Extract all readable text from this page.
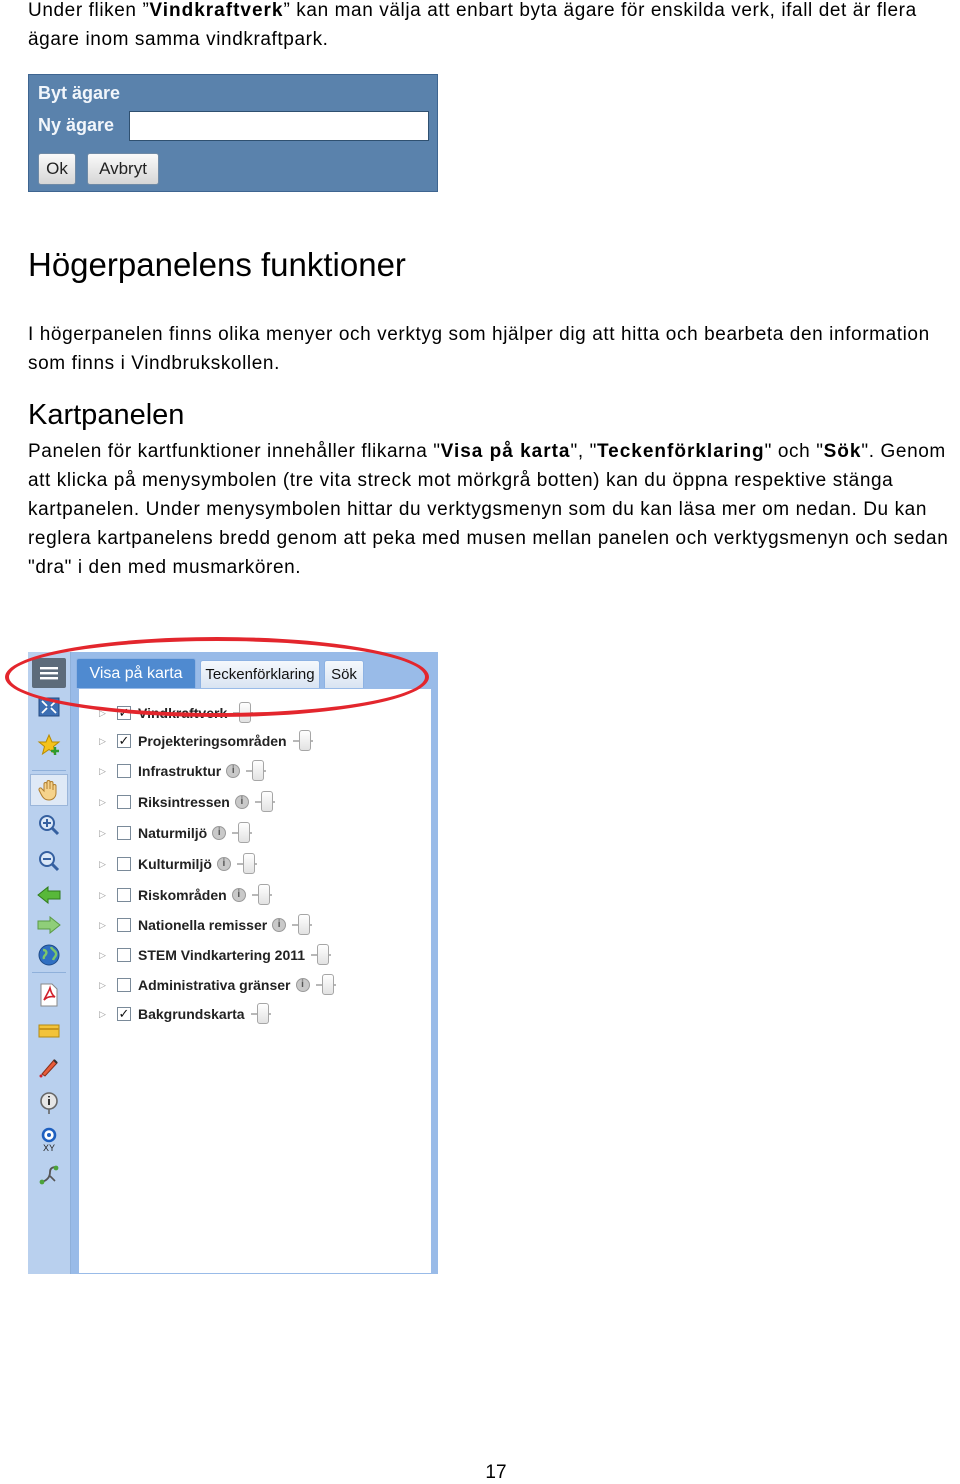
Under fliken ”Vindkraftverk” kan man välja att enbart byta ägare för enskilda verk, ifall det är flera ägare inom samma vindkraftpark.

Byt ägare
Ny ägare
Ok	Avbryt
Högerpanelens funktioner

I högerpanelen finns olika menyer och verktyg som hjälper dig att hitta och bearbeta den information som finns i Vindbrukskollen.

Kartpanelen

Panelen för kartfunktioner innehåller flikarna "Visa på karta", "Teckenförklaring" och "Sök". Genom att klicka på menysymbolen (tre vita streck mot mörkgrå botten) kan du öppna respektive stänga kartpanelen. Under menysymbolen hittar du verktygsmenyn som du kan läsa mer om nedan. Du kan reglera kartpanelens bredd genom att peka med musen mellan panelen och verktygsmenyn och sedan "dra" i den med musmarkören.

XY
Visa på karta	Teckenförklaring	Sök
▷ ✓ Vindkraftverk
▷ ✓ Projekteringsområden
▷ Infrastruktur	i
▷ Riksintressen	i
▷ Naturmiljö	i
▷ Kulturmiljö	i
▷ Riskområden	i
▷ Nationella remisser	i
▷ STEM Vindkartering 2011
▷ Administrativa gränser	i
▷ ✓ Bakgrundskarta
17
